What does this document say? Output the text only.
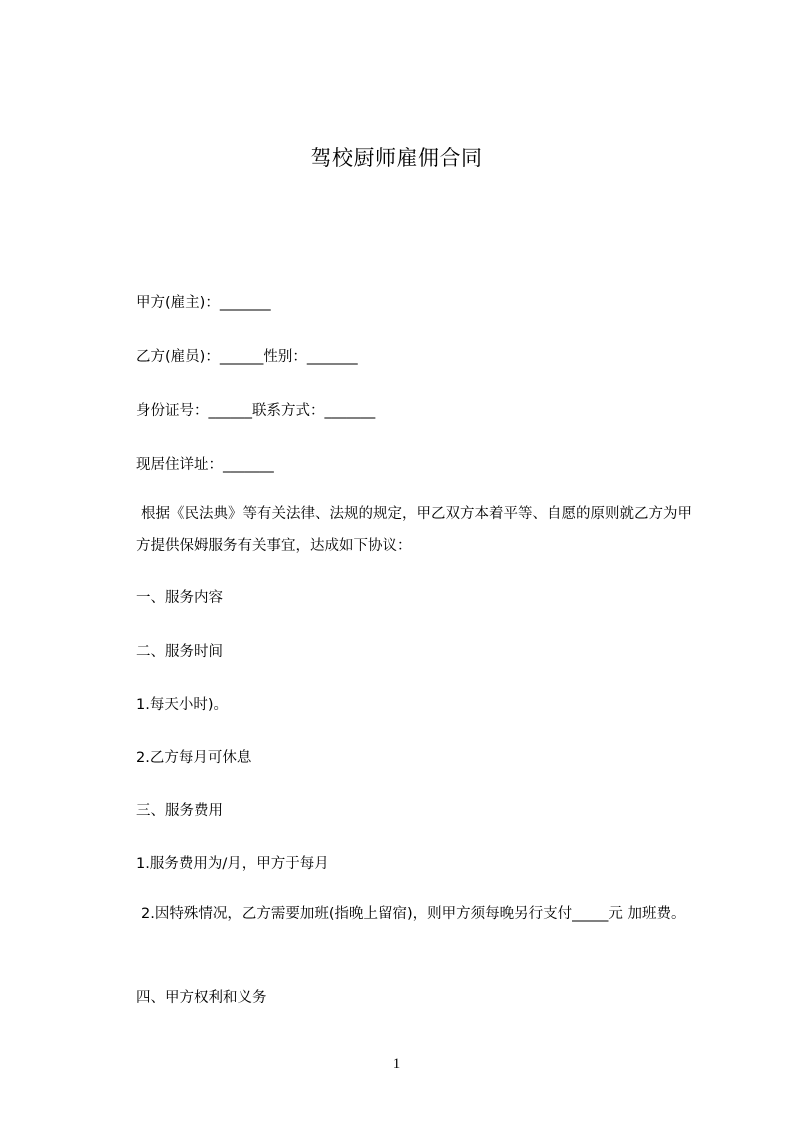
驾校厨师雇佣合同
甲方(雇主)：_______
乙方(雇员)：______性别：_______
身份证号：______联系方式：_______
现居住详址：_______
根据《民法典》等有关法律、法规的规定，甲乙双方本着平等、自愿的原则就乙方为甲方提供保姆服务有关事宜，达成如下协议：
一、服务内容
二、服务时间
1.每天小时)。
2.乙方每月可休息
三、服务费用
1.服务费用为/月，甲方于每月
2.因特殊情况，乙方需要加班(指晚上留宿)，则甲方须每晚另行支付_____元 加班费。
四、甲方权利和义务
1
